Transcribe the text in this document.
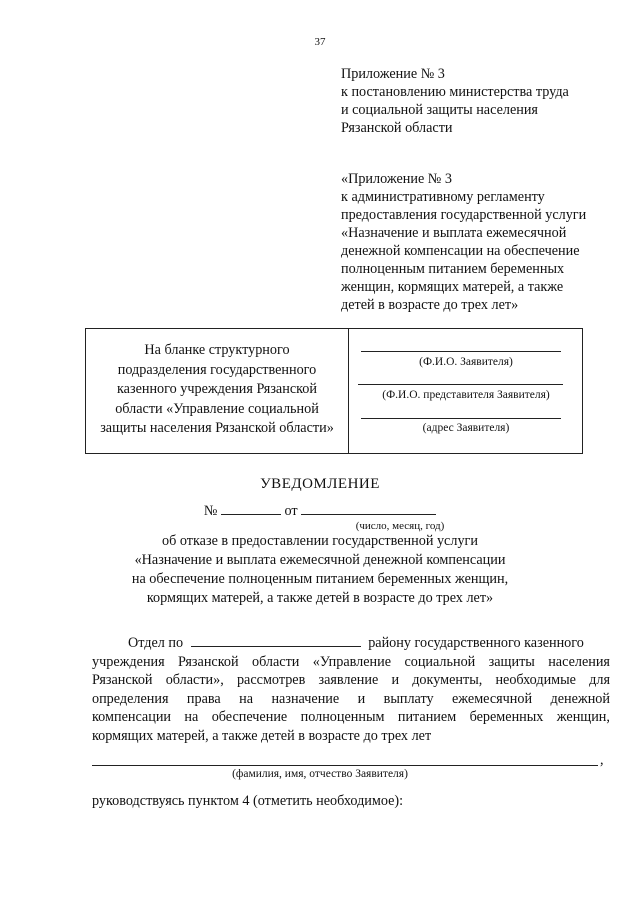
37
Приложение № 3
к постановлению министерства труда
и социальной защиты населения
Рязанской области
«Приложение № 3
к административному регламенту
предоставления государственной услуги
«Назначение и выплата ежемесячной
денежной компенсации на обеспечение
полноценным питанием беременных
женщин, кормящих матерей, а также
детей в возрасте до трех лет»
На бланке структурного
подразделения государственного
казенного учреждения Рязанской
области «Управление социальной
защиты населения Рязанской области»
(Ф.И.О. Заявителя)
(Ф.И.О. представителя Заявителя)
(адрес Заявителя)
УВЕДОМЛЕНИЕ
№	от
(число, месяц, год)
об отказе в предоставлении государственной услуги
«Назначение и выплата ежемесячной денежной компенсации
на обеспечение полноценным питанием беременных женщин,
кормящих матерей, а также детей в возрасте до трех лет»
Отдел по	району государственного казенного
учреждения Рязанской области «Управление социальной защиты населения
Рязанской области», рассмотрев заявление и документы, необходимые для
определения права на назначение и выплату ежемесячной денежной
компенсации на обеспечение полноценным питанием беременных женщин,
кормящих матерей, а также детей в возрасте до трех лет
,
(фамилия, имя, отчество Заявителя)
руководствуясь пунктом 4 (отметить необходимое):
